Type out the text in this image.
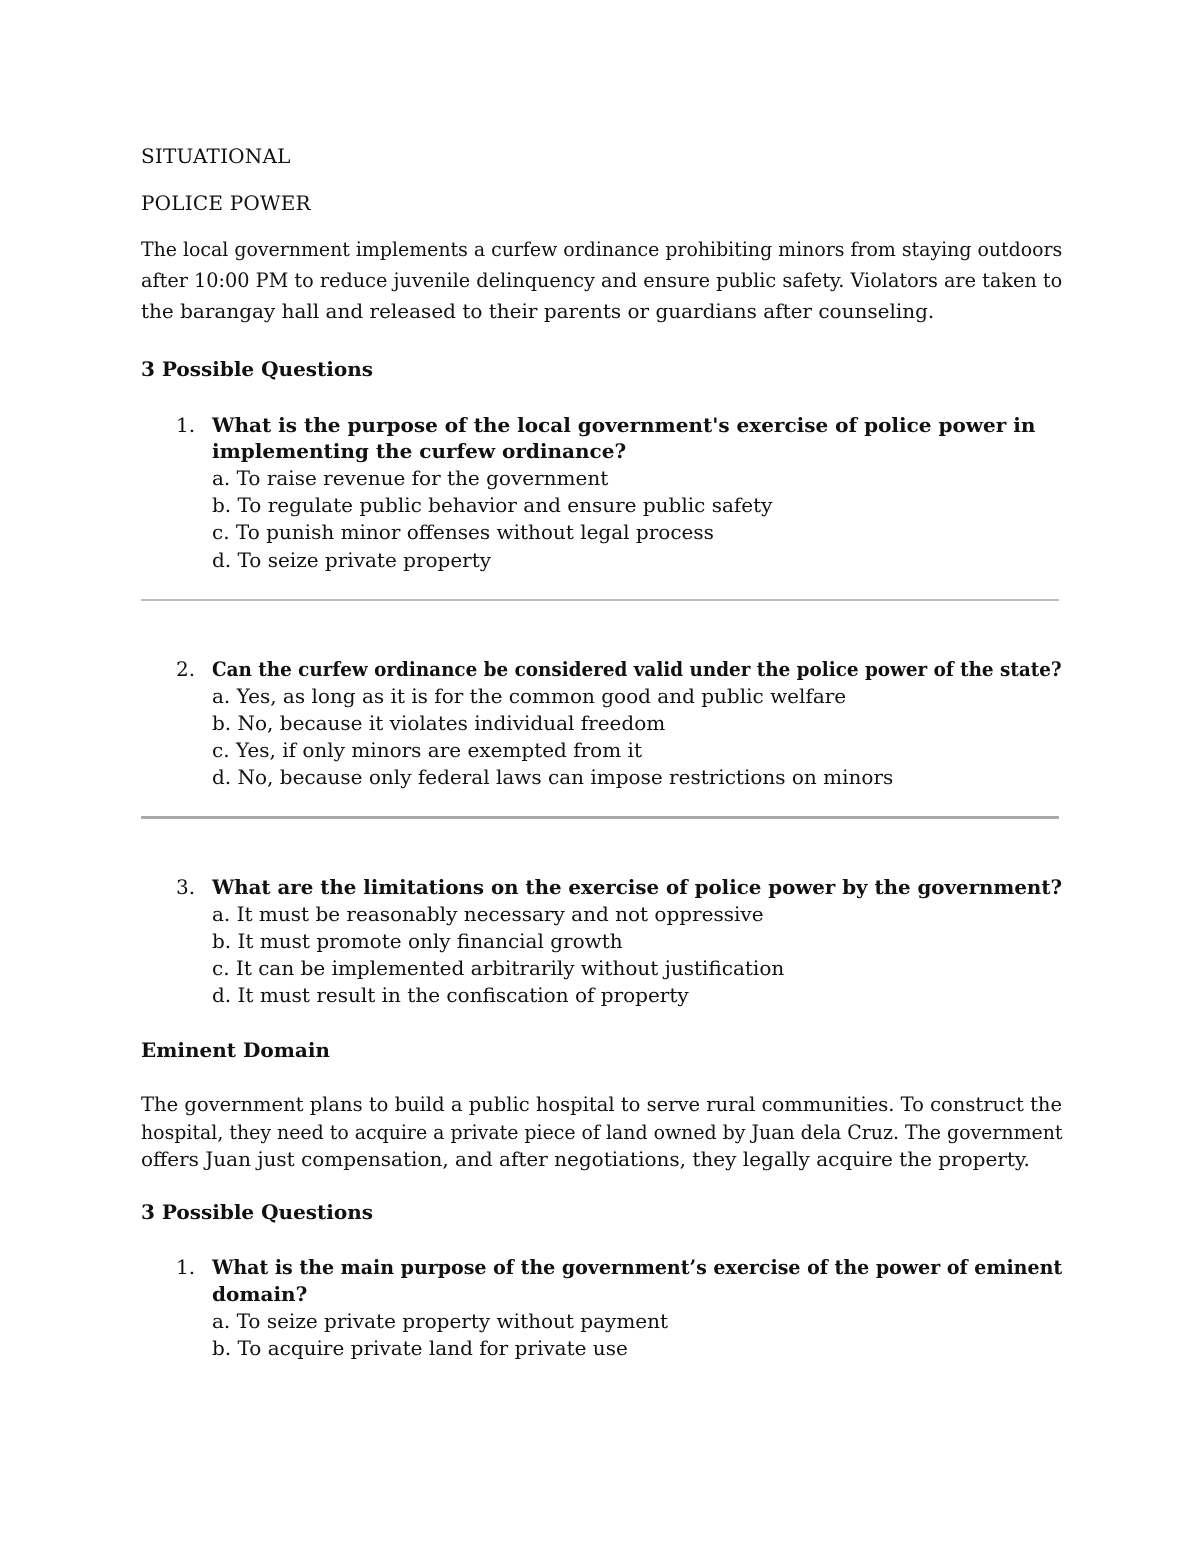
SITUATIONAL
POLICE POWER
The local government implements a curfew ordinance prohibiting minors from staying outdoors
after 10:00 PM to reduce juvenile delinquency and ensure public safety. Violators are taken to
the barangay hall and released to their parents or guardians after counseling.
3 Possible Questions
1. What is the purpose of the local government's exercise of police power in
implementing the curfew ordinance?
a. To raise revenue for the government
b. To regulate public behavior and ensure public safety
c. To punish minor offenses without legal process
d. To seize private property
2. Can the curfew ordinance be considered valid under the police power of the state?
a. Yes, as long as it is for the common good and public welfare
b. No, because it violates individual freedom
c. Yes, if only minors are exempted from it
d. No, because only federal laws can impose restrictions on minors
3. What are the limitations on the exercise of police power by the government?
a. It must be reasonably necessary and not oppressive
b. It must promote only financial growth
c. It can be implemented arbitrarily without justification
d. It must result in the confiscation of property
Eminent Domain
The government plans to build a public hospital to serve rural communities. To construct the
hospital, they need to acquire a private piece of land owned by Juan dela Cruz. The government
offers Juan just compensation, and after negotiations, they legally acquire the property.
3 Possible Questions
1. What is the main purpose of the government’s exercise of the power of eminent
domain?
a. To seize private property without payment
b. To acquire private land for private use
